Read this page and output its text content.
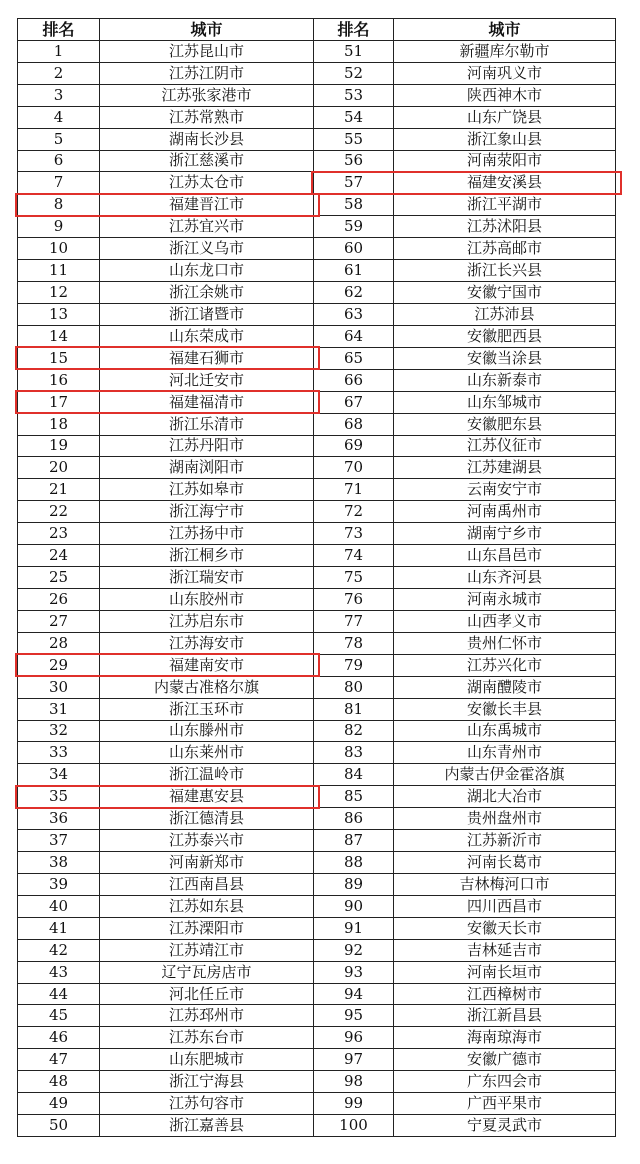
排名	城市	排名	城市
1	江苏昆山市	51	新疆库尔勒市
2	江苏江阴市	52	河南巩义市
3	江苏张家港市	53	陕西神木市
4	江苏常熟市	54	山东广饶县
5	湖南长沙县	55	浙江象山县
6	浙江慈溪市	56	河南荥阳市
7	江苏太仓市	57	福建安溪县
8	福建晋江市	58	浙江平湖市
9	江苏宜兴市	59	江苏沭阳县
10	浙江义乌市	60	江苏高邮市
11	山东龙口市	61	浙江长兴县
12	浙江余姚市	62	安徽宁国市
13	浙江诸暨市	63	江苏沛县
14	山东荣成市	64	安徽肥西县
15	福建石狮市	65	安徽当涂县
16	河北迁安市	66	山东新泰市
17	福建福清市	67	山东邹城市
18	浙江乐清市	68	安徽肥东县
19	江苏丹阳市	69	江苏仪征市
20	湖南浏阳市	70	江苏建湖县
21	江苏如皋市	71	云南安宁市
22	浙江海宁市	72	河南禹州市
23	江苏扬中市	73	湖南宁乡市
24	浙江桐乡市	74	山东昌邑市
25	浙江瑞安市	75	山东齐河县
26	山东胶州市	76	河南永城市
27	江苏启东市	77	山西孝义市
28	江苏海安市	78	贵州仁怀市
29	福建南安市	79	江苏兴化市
30	内蒙古准格尔旗	80	湖南醴陵市
31	浙江玉环市	81	安徽长丰县
32	山东滕州市	82	山东禹城市
33	山东莱州市	83	山东青州市
34	浙江温岭市	84	内蒙古伊金霍洛旗
35	福建惠安县	85	湖北大冶市
36	浙江德清县	86	贵州盘州市
37	江苏泰兴市	87	江苏新沂市
38	河南新郑市	88	河南长葛市
39	江西南昌县	89	吉林梅河口市
40	江苏如东县	90	四川西昌市
41	江苏溧阳市	91	安徽天长市
42	江苏靖江市	92	吉林延吉市
43	辽宁瓦房店市	93	河南长垣市
44	河北任丘市	94	江西樟树市
45	江苏邳州市	95	浙江新昌县
46	江苏东台市	96	海南琼海市
47	山东肥城市	97	安徽广德市
48	浙江宁海县	98	广东四会市
49	江苏句容市	99	广西平果市
50	浙江嘉善县	100	宁夏灵武市
